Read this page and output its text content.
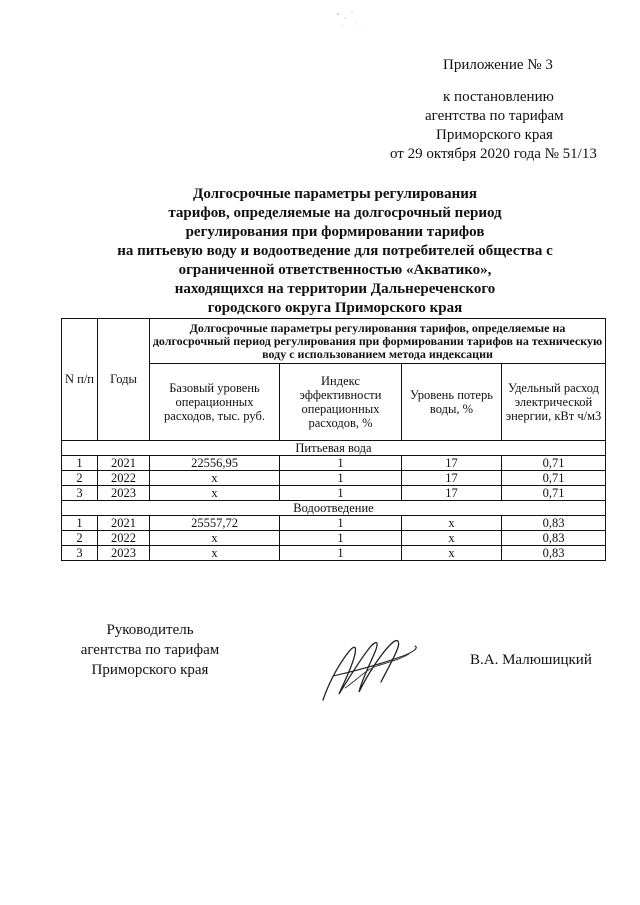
Приложение № 3
к постановлению
агентства по тарифам
Приморского края
от 29 октября 2020 года № 51/13
Долгосрочные параметры регулирования
тарифов, определяемые на долгосрочный период
регулирования при формировании тарифов
на питьевую воду и водоотведение для потребителей общества с
ограниченной ответственностью «Акватико»,
находящихся на территории Дальнереченского
городского округа Приморского края
N п/п	Годы	Долгосрочные параметры регулирования тарифов, определяемые на долгосрочный период регулирования при формировании тарифов на техническую воду с использованием метода индексации			
		Базовый уровень операционных расходов, тыс. руб.	Индекс эффективности операционных расходов, %	Уровень потерь воды, %	Удельный расход электрической энергии, кВт ч/м3
Питьевая вода					
1	2021	22556,95	1	17	0,71
2	2022	х	1	17	0,71
3	2023	х	1	17	0,71
Водоотведение					
1	2021	25557,72	1	х	0,83
2	2022	х	1	х	0,83
3	2023	х	1	х	0,83
Руководитель
агентства по тарифам
Приморского края
В.А. Малюшицкий
